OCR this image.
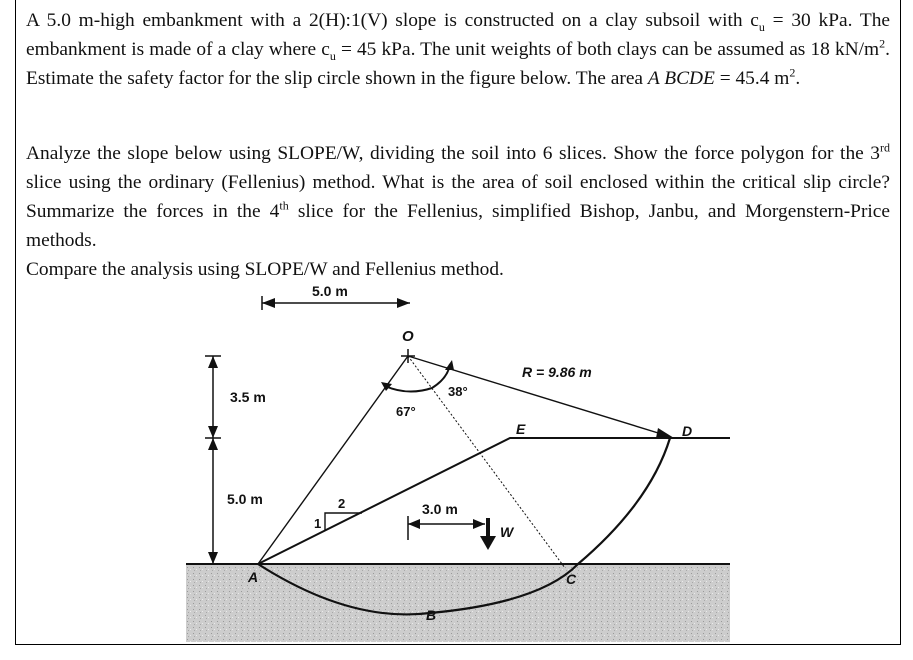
A 5.0 m-high embankment with a 2(H):1(V) slope is constructed on a clay subsoil with $c_u = 30$ kPa. The embankment is made of a clay where $c_u = 45$ kPa. The unit weights of both clays can be assumed as 18 $kN/m^2$. Estimate the safety factor for the slip circle shown in the figure below. The area A BCDE = 45.4 $m^2$.

Analyze the slope below using SLOPE/W, dividing the soil into 6 slices. Show the force polygon for the 3rd slice using the ordinary (Fellenius) method. What is the area of soil enclosed within the critical slip circle? Summarize the forces in the 4th slice for the Fellenius, simplified Bishop, Janbu, and Morgenstern-Price methods.

Compare the analysis using SLOPE/W and Fellenius method.

5.0 m
3.5 m
5.0 m
O
R = 9.86 m
38°
67°
2
1
3.0 m
W
A
B
C
D
E
